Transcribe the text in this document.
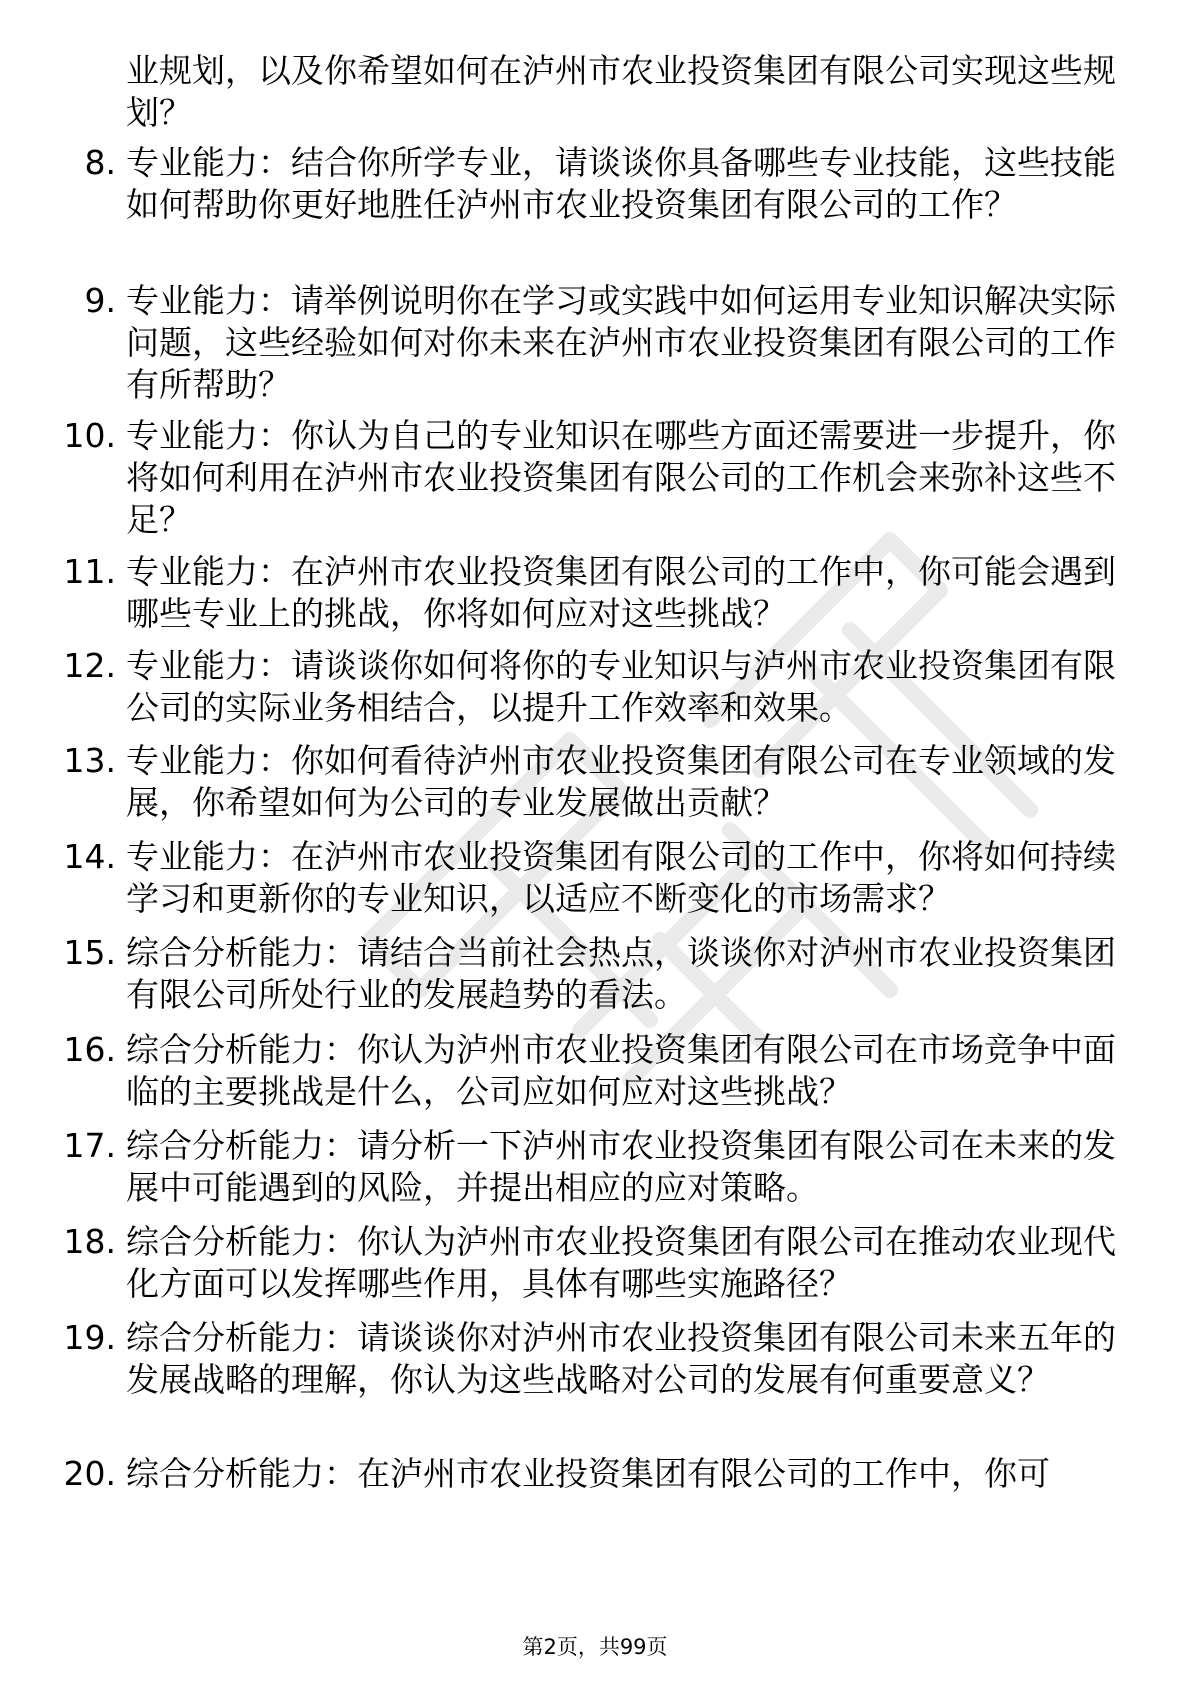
业规划，以及你希望如何在泸州市农业投资集团有限公司实现这些规划？
8. 专业能力：结合你所学专业，请谈谈你具备哪些专业技能，这些技能如何帮助你更好地胜任泸州市农业投资集团有限公司的工作？

9. 专业能力：请举例说明你在学习或实践中如何运用专业知识解决实际问题，这些经验如何对你未来在泸州市农业投资集团有限公司的工作有所帮助？

10. 专业能力：你认为自己的专业知识在哪些方面还需要进一步提升，你将如何利用在泸州市农业投资集团有限公司的工作机会来弥补这些不足？

11. 专业能力：在泸州市农业投资集团有限公司的工作中，你可能会遇到哪些专业上的挑战，你将如何应对这些挑战？

12. 专业能力：请谈谈你如何将你的专业知识与泸州市农业投资集团有限公司的实际业务相结合，以提升工作效率和效果。

13. 专业能力：你如何看待泸州市农业投资集团有限公司在专业领域的发展，你希望如何为公司的专业发展做出贡献？

14. 专业能力：在泸州市农业投资集团有限公司的工作中，你将如何持续学习和更新你的专业知识，以适应不断变化的市场需求？

15. 综合分析能力：请结合当前社会热点，谈谈你对泸州市农业投资集团有限公司所处行业的发展趋势的看法。

16. 综合分析能力：你认为泸州市农业投资集团有限公司在市场竞争中面临的主要挑战是什么，公司应如何应对这些挑战？

17. 综合分析能力：请分析一下泸州市农业投资集团有限公司在未来的发展中可能遇到的风险，并提出相应的应对策略。

18. 综合分析能力：你认为泸州市农业投资集团有限公司在推动农业现代化方面可以发挥哪些作用，具体有哪些实施路径？

19. 综合分析能力：请谈谈你对泸州市农业投资集团有限公司未来五年的发展战略的理解，你认为这些战略对公司的发展有何重要意义？

20. 综合分析能力：在泸州市农业投资集团有限公司的工作中，你可

第2页，共99页
